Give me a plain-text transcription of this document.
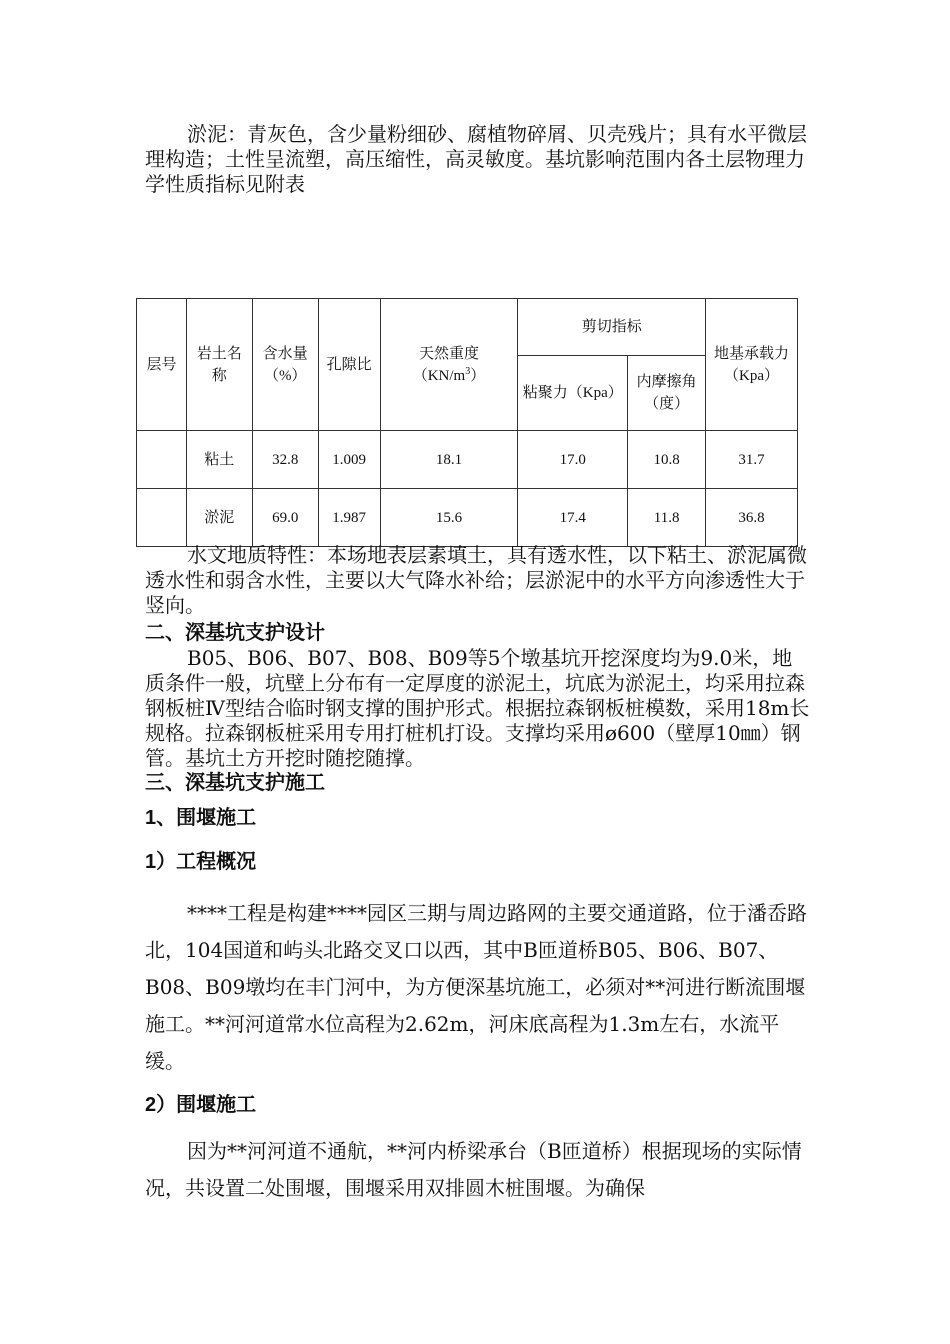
淤泥：青灰色，含少量粉细砂、腐植物碎屑、贝壳残片；具有水平微层理构造；土性呈流塑，高压缩性，高灵敏度。基坑影响范围内各土层物理力学性质指标见附表

层号	岩土名称	含水量（%）	孔隙比	天然重度$(KN/m^3)$	剪切指标		地基承载力（Kpa）
					粘聚力（Kpa）	内摩擦角（度）	
	粘土	32.8	1.009	18.1	17.0	10.8	31.7
	淤泥	69.0	1.987	15.6	17.4	11.8	36.8

水文地质特性：本场地表层素填土，具有透水性，以下粘土、淤泥属微透水性和弱含水性，主要以大气降水补给；层淤泥中的水平方向渗透性大于竖向。

二、深基坑支护设计

B05、B06、B07、B08、B09等5个墩基坑开挖深度均为9.0米，地质条件一般，坑壁上分布有一定厚度的淤泥土，坑底为淤泥土，均采用拉森钢板桩Ⅳ型结合临时钢支撑的围护形式。根据拉森钢板桩模数，采用18m长规格。拉森钢板桩采用专用打桩机打设。支撑均采用ø600（壁厚10㎜）钢管。基坑土方开挖时随挖随撑。

三、深基坑支护施工

1、围堰施工

1）工程概况

****工程是构建****园区三期与周边路网的主要交通道路，位于潘岙路北，104国道和屿头北路交叉口以西，其中B匝道桥B05、B06、B07、B08、B09墩均在丰门河中，为方便深基坑施工，必须对**河进行断流围堰施工。**河河道常水位高程为2.62m，河床底高程为1.3m左右，水流平缓。

2）围堰施工

因为**河河道不通航，**河内桥梁承台（B匝道桥）根据现场的实际情况，共设置二处围堰，围堰采用双排圆木桩围堰。为确保
